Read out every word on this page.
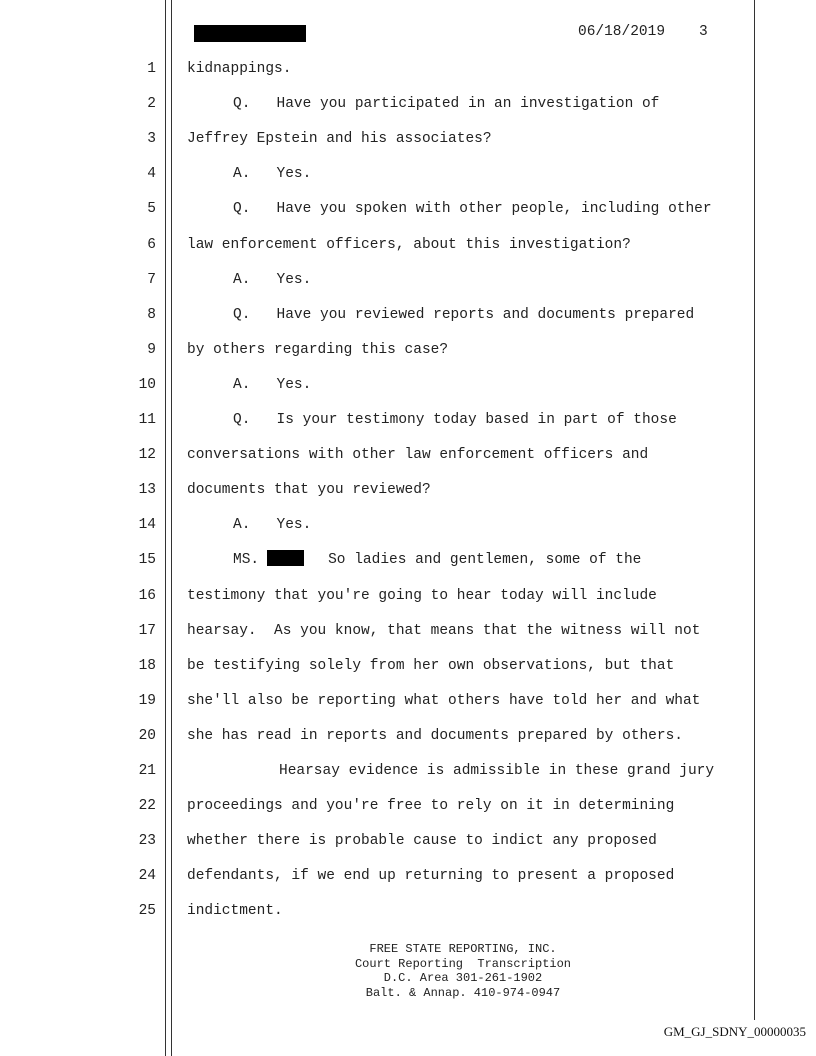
06/18/2019 3
1 kidnappings.
2	Q.   Have you participated in an investigation of
3 Jeffrey Epstein and his associates?
4	A.   Yes.
5	Q.   Have you spoken with other people, including other
6 law enforcement officers, about this investigation?
7	A.   Yes.
8	Q.   Have you reviewed reports and documents prepared
9 by others regarding this case?
10	A.   Yes.
11	Q.   Is your testimony today based in part of those
12 conversations with other law enforcement officers and
13 documents that you reviewed?
14	A.   Yes.
15	MS.	So ladies and gentlemen, some of the
16 testimony that you're going to hear today will include
17 hearsay.  As you know, that means that the witness will not
18 be testifying solely from her own observations, but that
19 she'll also be reporting what others have told her and what
20 she has read in reports and documents prepared by others.
21	Hearsay evidence is admissible in these grand jury
22 proceedings and you're free to rely on it in determining
23 whether there is probable cause to indict any proposed
24 defendants, if we end up returning to present a proposed
25 indictment.
FREE STATE REPORTING, INC.
Court Reporting  Transcription
D.C. Area 301-261-1902
Balt. & Annap. 410-974-0947
GM_GJ_SDNY_00000035
